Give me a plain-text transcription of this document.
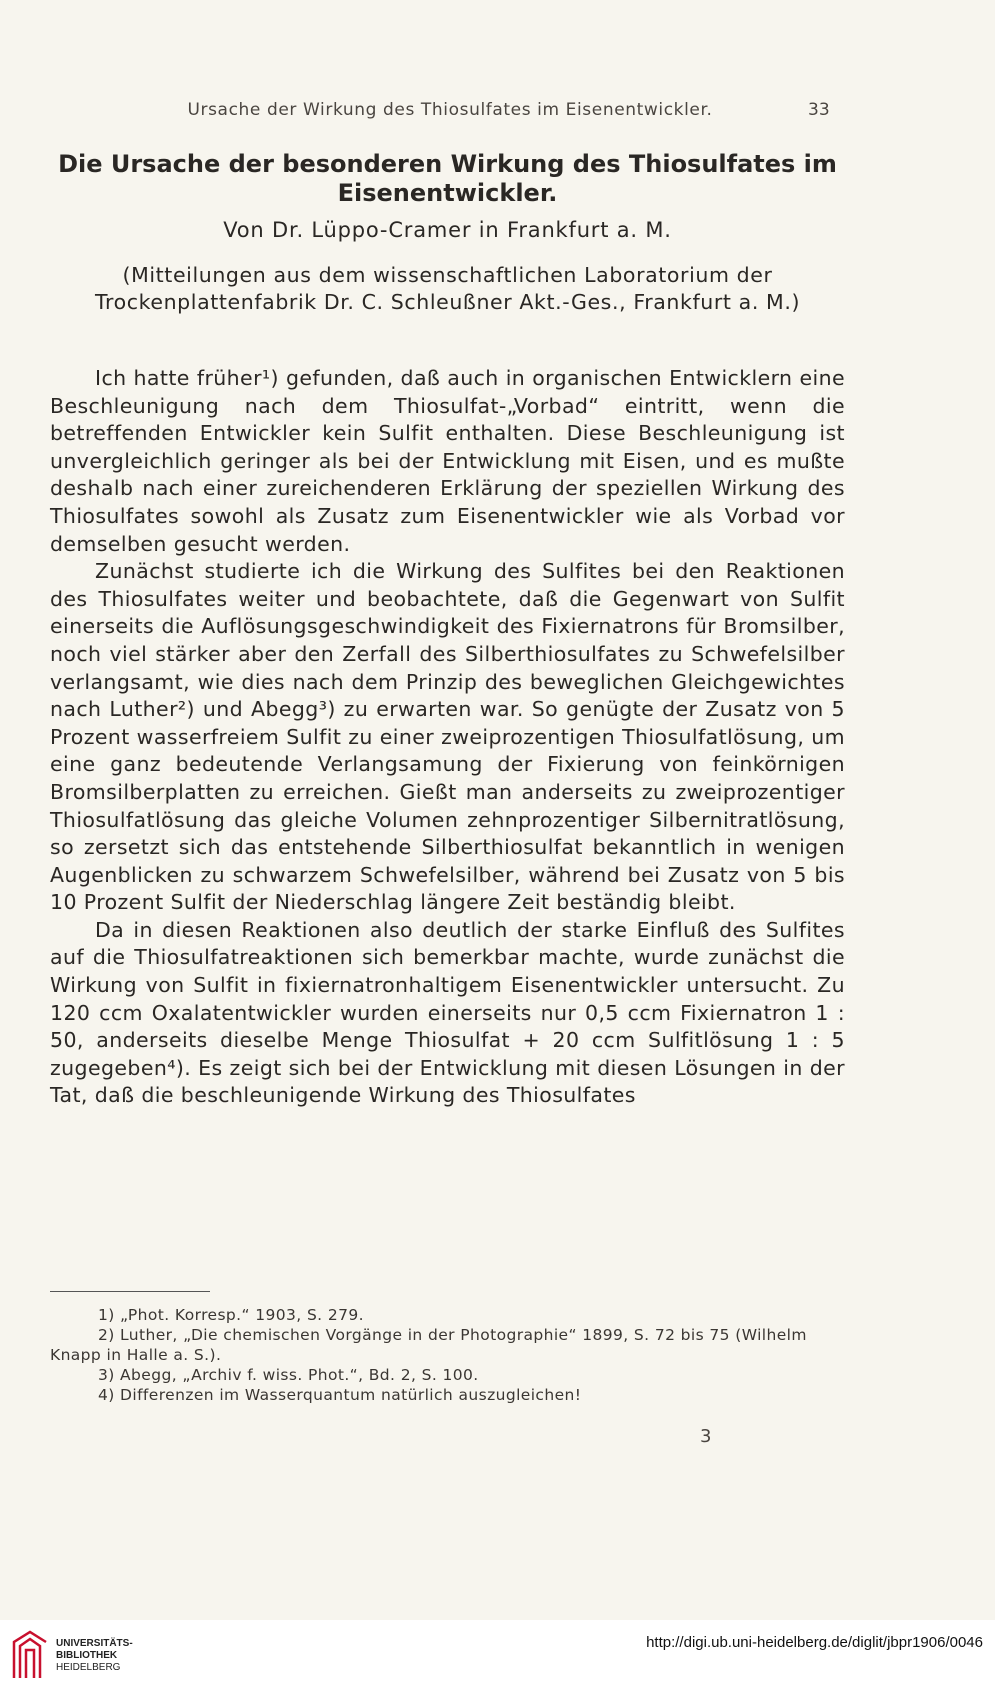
Ursache der Wirkung des Thiosulfates im Eisenentwickler.	33
Die Ursache der besonderen Wirkung des Thiosulfates im Eisenentwickler.
Von Dr. Lüppo-Cramer in Frankfurt a. M.
(Mitteilungen aus dem wissenschaftlichen Laboratorium der Trockenplattenfabrik Dr. C. Schleußner Akt.-Ges., Frankfurt a. M.)

Ich hatte früher¹) gefunden, daß auch in organischen Entwicklern eine Beschleunigung nach dem Thiosulfat-„Vorbad“ eintritt, wenn die betreffenden Entwickler kein Sulfit enthalten. Diese Beschleunigung ist unvergleichlich geringer als bei der Entwicklung mit Eisen, und es mußte deshalb nach einer zureichenderen Erklärung der speziellen Wirkung des Thiosulfates sowohl als Zusatz zum Eisenentwickler wie als Vorbad vor demselben gesucht werden.

Zunächst studierte ich die Wirkung des Sulfites bei den Reaktionen des Thiosulfates weiter und beobachtete, daß die Gegenwart von Sulfit einerseits die Auflösungsgeschwindigkeit des Fixiernatrons für Bromsilber, noch viel stärker aber den Zerfall des Silberthiosulfates zu Schwefelsilber verlangsamt, wie dies nach dem Prinzip des beweglichen Gleichgewichtes nach Luther²) und Abegg³) zu erwarten war. So genügte der Zusatz von 5 Prozent wasserfreiem Sulfit zu einer zweiprozentigen Thiosulfatlösung, um eine ganz bedeutende Verlangsamung der Fixierung von feinkörnigen Bromsilberplatten zu erreichen. Gießt man anderseits zu zweiprozentiger Thiosulfatlösung das gleiche Volumen zehnprozentiger Silbernitratlösung, so zersetzt sich das entstehende Silberthiosulfat bekanntlich in wenigen Augenblicken zu schwarzem Schwefelsilber, während bei Zusatz von 5 bis 10 Prozent Sulfit der Niederschlag längere Zeit beständig bleibt.

Da in diesen Reaktionen also deutlich der starke Einfluß des Sulfites auf die Thiosulfatreaktionen sich bemerkbar machte, wurde zunächst die Wirkung von Sulfit in fixiernatronhaltigem Eisenentwickler untersucht. Zu 120 ccm Oxalatentwickler wurden einerseits nur 0,5 ccm Fixiernatron 1 : 50, anderseits dieselbe Menge Thiosulfat + 20 ccm Sulfitlösung 1 : 5 zugegeben⁴). Es zeigt sich bei der Entwicklung mit diesen Lösungen in der Tat, daß die beschleunigende Wirkung des Thiosulfates

1) „Phot. Korresp.“ 1903, S. 279.

2) Luther, „Die chemischen Vorgänge in der Photographie“ 1899, S. 72 bis 75 (Wilhelm Knapp in Halle a. S.).

3) Abegg, „Archiv f. wiss. Phot.“, Bd. 2, S. 100.

4) Differenzen im Wasserquantum natürlich auszugleichen!

3
UNIVERSITÄTS-
BIBLIOTHEK
HEIDELBERG
http://digi.ub.uni-heidelberg.de/diglit/jbpr1906/0046
